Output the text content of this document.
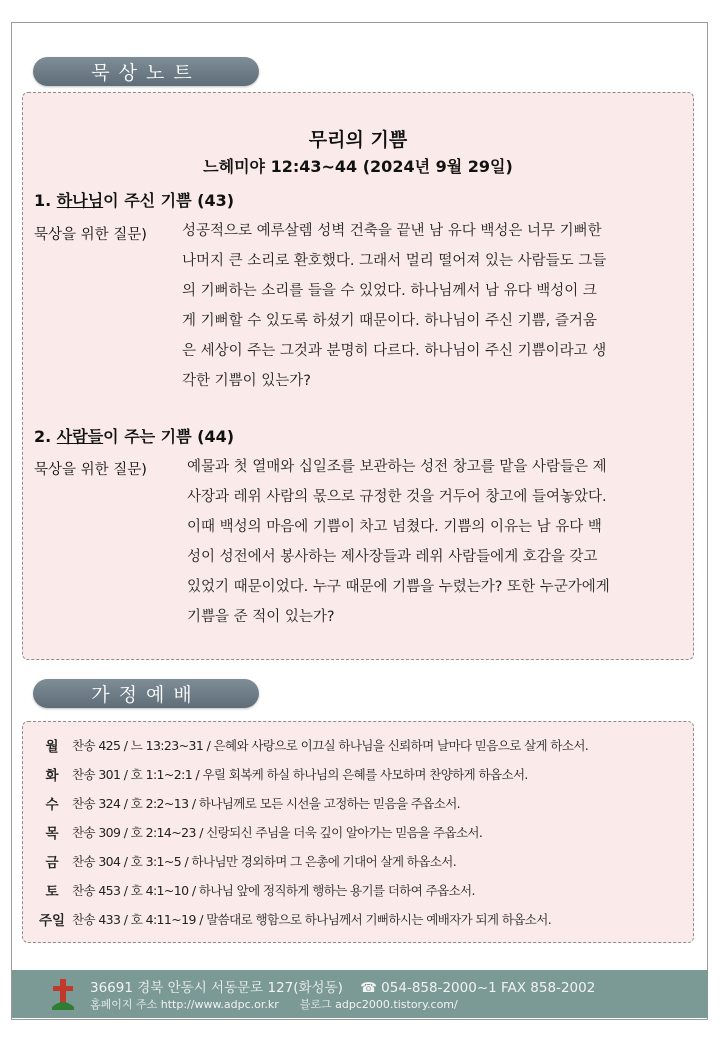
묵상노트
무리의 기쁨
느헤미야 12:43~44 (2024년 9월 29일)
1. 하나님이 주신 기쁨 (43)
묵상을 위한 질문) 성공적으로 예루살렘 성벽 건축을 끝낸 남 유다 백성은 너무 기뻐한
나머지 큰 소리로 환호했다. 그래서 멀리 떨어져 있는 사람들도 그들
의 기뻐하는 소리를 들을 수 있었다. 하나님께서 남 유다 백성이 크
게 기뻐할 수 있도록 하셨기 때문이다. 하나님이 주신 기쁨, 즐거움
은 세상이 주는 그것과 분명히 다르다. 하나님이 주신 기쁨이라고 생
각한 기쁨이 있는가?
2. 사람들이 주는 기쁨 (44)
묵상을 위한 질문)	예물과 첫 열매와 십일조를 보관하는 성전 창고를 맡을 사람들은 제
사장과 레위 사람의 몫으로 규정한 것을 거두어 창고에 들여놓았다.
이때 백성의 마음에 기쁨이 차고 넘쳤다. 기쁨의 이유는 남 유다 백
성이 성전에서 봉사하는 제사장들과 레위 사람들에게 호감을 갖고
있었기 때문이었다. 누구 때문에 기쁨을 누렸는가? 또한 누군가에게
기쁨을 준 적이 있는가?
가정예배
월	찬송 425 / 느 13:23~31 / 은혜와 사랑으로 이끄실 하나님을 신뢰하며 날마다 믿음으로 살게 하소서.
화	찬송 301 / 호 1:1~2:1 / 우릴 회복케 하실 하나님의 은혜를 사모하며 찬양하게 하옵소서.
수	찬송 324 / 호 2:2~13 / 하나님께로 모든 시선을 고정하는 믿음을 주옵소서.
목	찬송 309 / 호 2:14~23 / 신랑되신 주님을 더욱 깊이 알아가는 믿음을 주옵소서.
금	찬송 304 / 호 3:1~5 / 하나님만 경외하며 그 은총에 기대어 살게 하옵소서.
토	찬송 453 / 호 4:1~10 / 하나님 앞에 정직하게 행하는 용기를 더하여 주옵소서.
주일 찬송 433 / 호 4:11~19 / 말씀대로 행함으로 하나님께서 기뻐하시는 예배자가 되게 하옵소서.
36691 경북 안동시 서동문로 127(화성동) ☎ 054-858-2000~1 FAX 858-2002
홈페이지 주소 http://www.adpc.or.kr 블로그 adpc2000.tistory.com/
